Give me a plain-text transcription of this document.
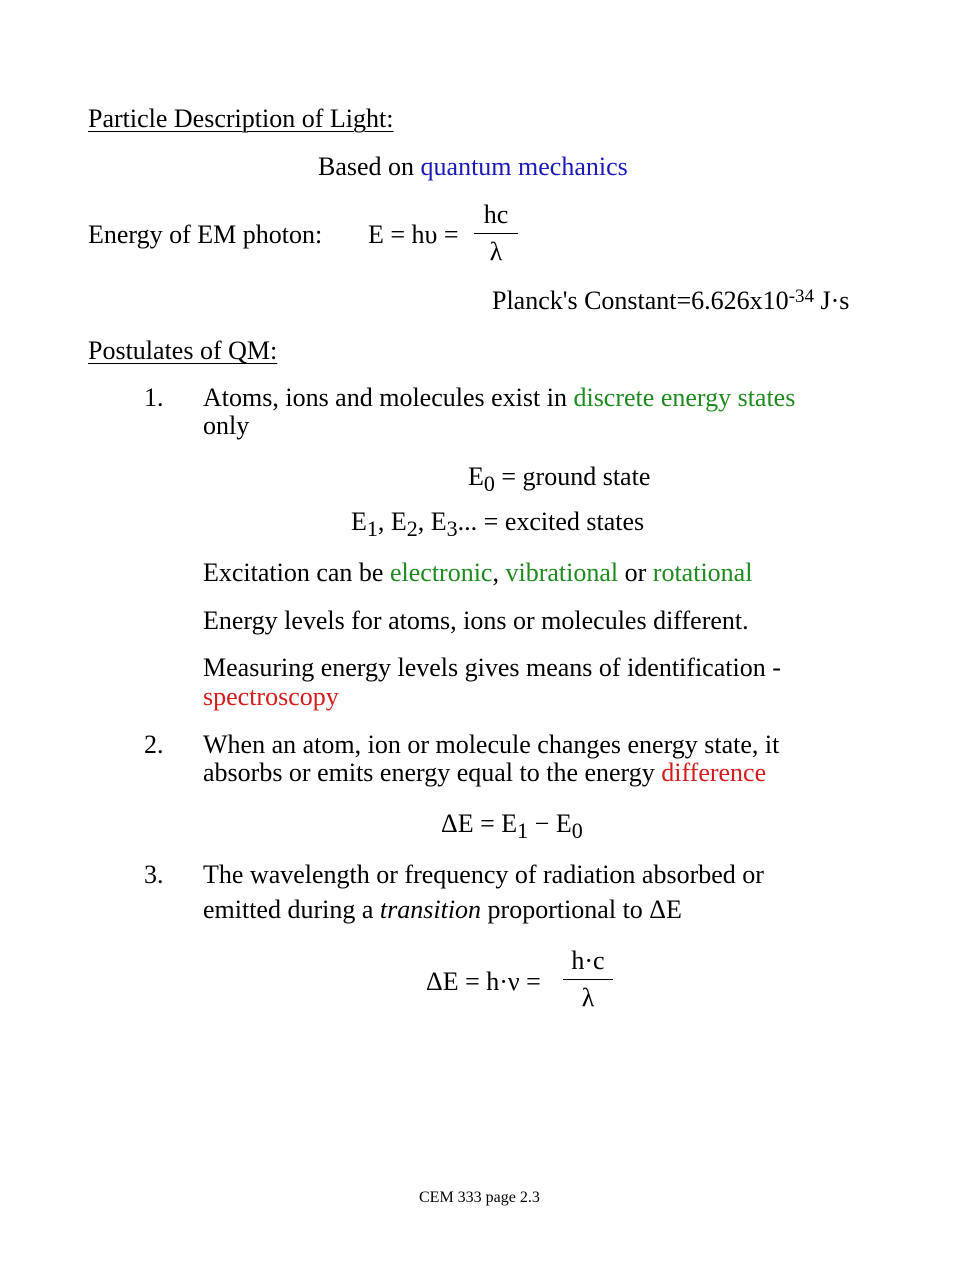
Particle Description of Light:
Based on quantum mechanics
Energy of EM photon: E = hυ =
hc
λ
Planck's $Constant=6.626x10^{-34}$ J·s
Postulates of QM:
1. Atoms, ions and molecules exist in discrete energy states
only
$E_0$ = ground state
$E_1$, $E_2$, $E_3$... = excited states
Excitation can be electronic, vibrational or rotational
Energy levels for atoms, ions or molecules different.
Measuring energy levels gives means of identification -
spectroscopy
2. When an atom, ion or molecule changes energy state, it
absorbs or emits energy equal to the energy difference
$\Delta E = E_1 - E_0$
3. The wavelength or frequency of radiation absorbed or
emitted during a transition proportional to ΔE
ΔE = h·ν =
h·c
λ
CEM 333 page 2.3
